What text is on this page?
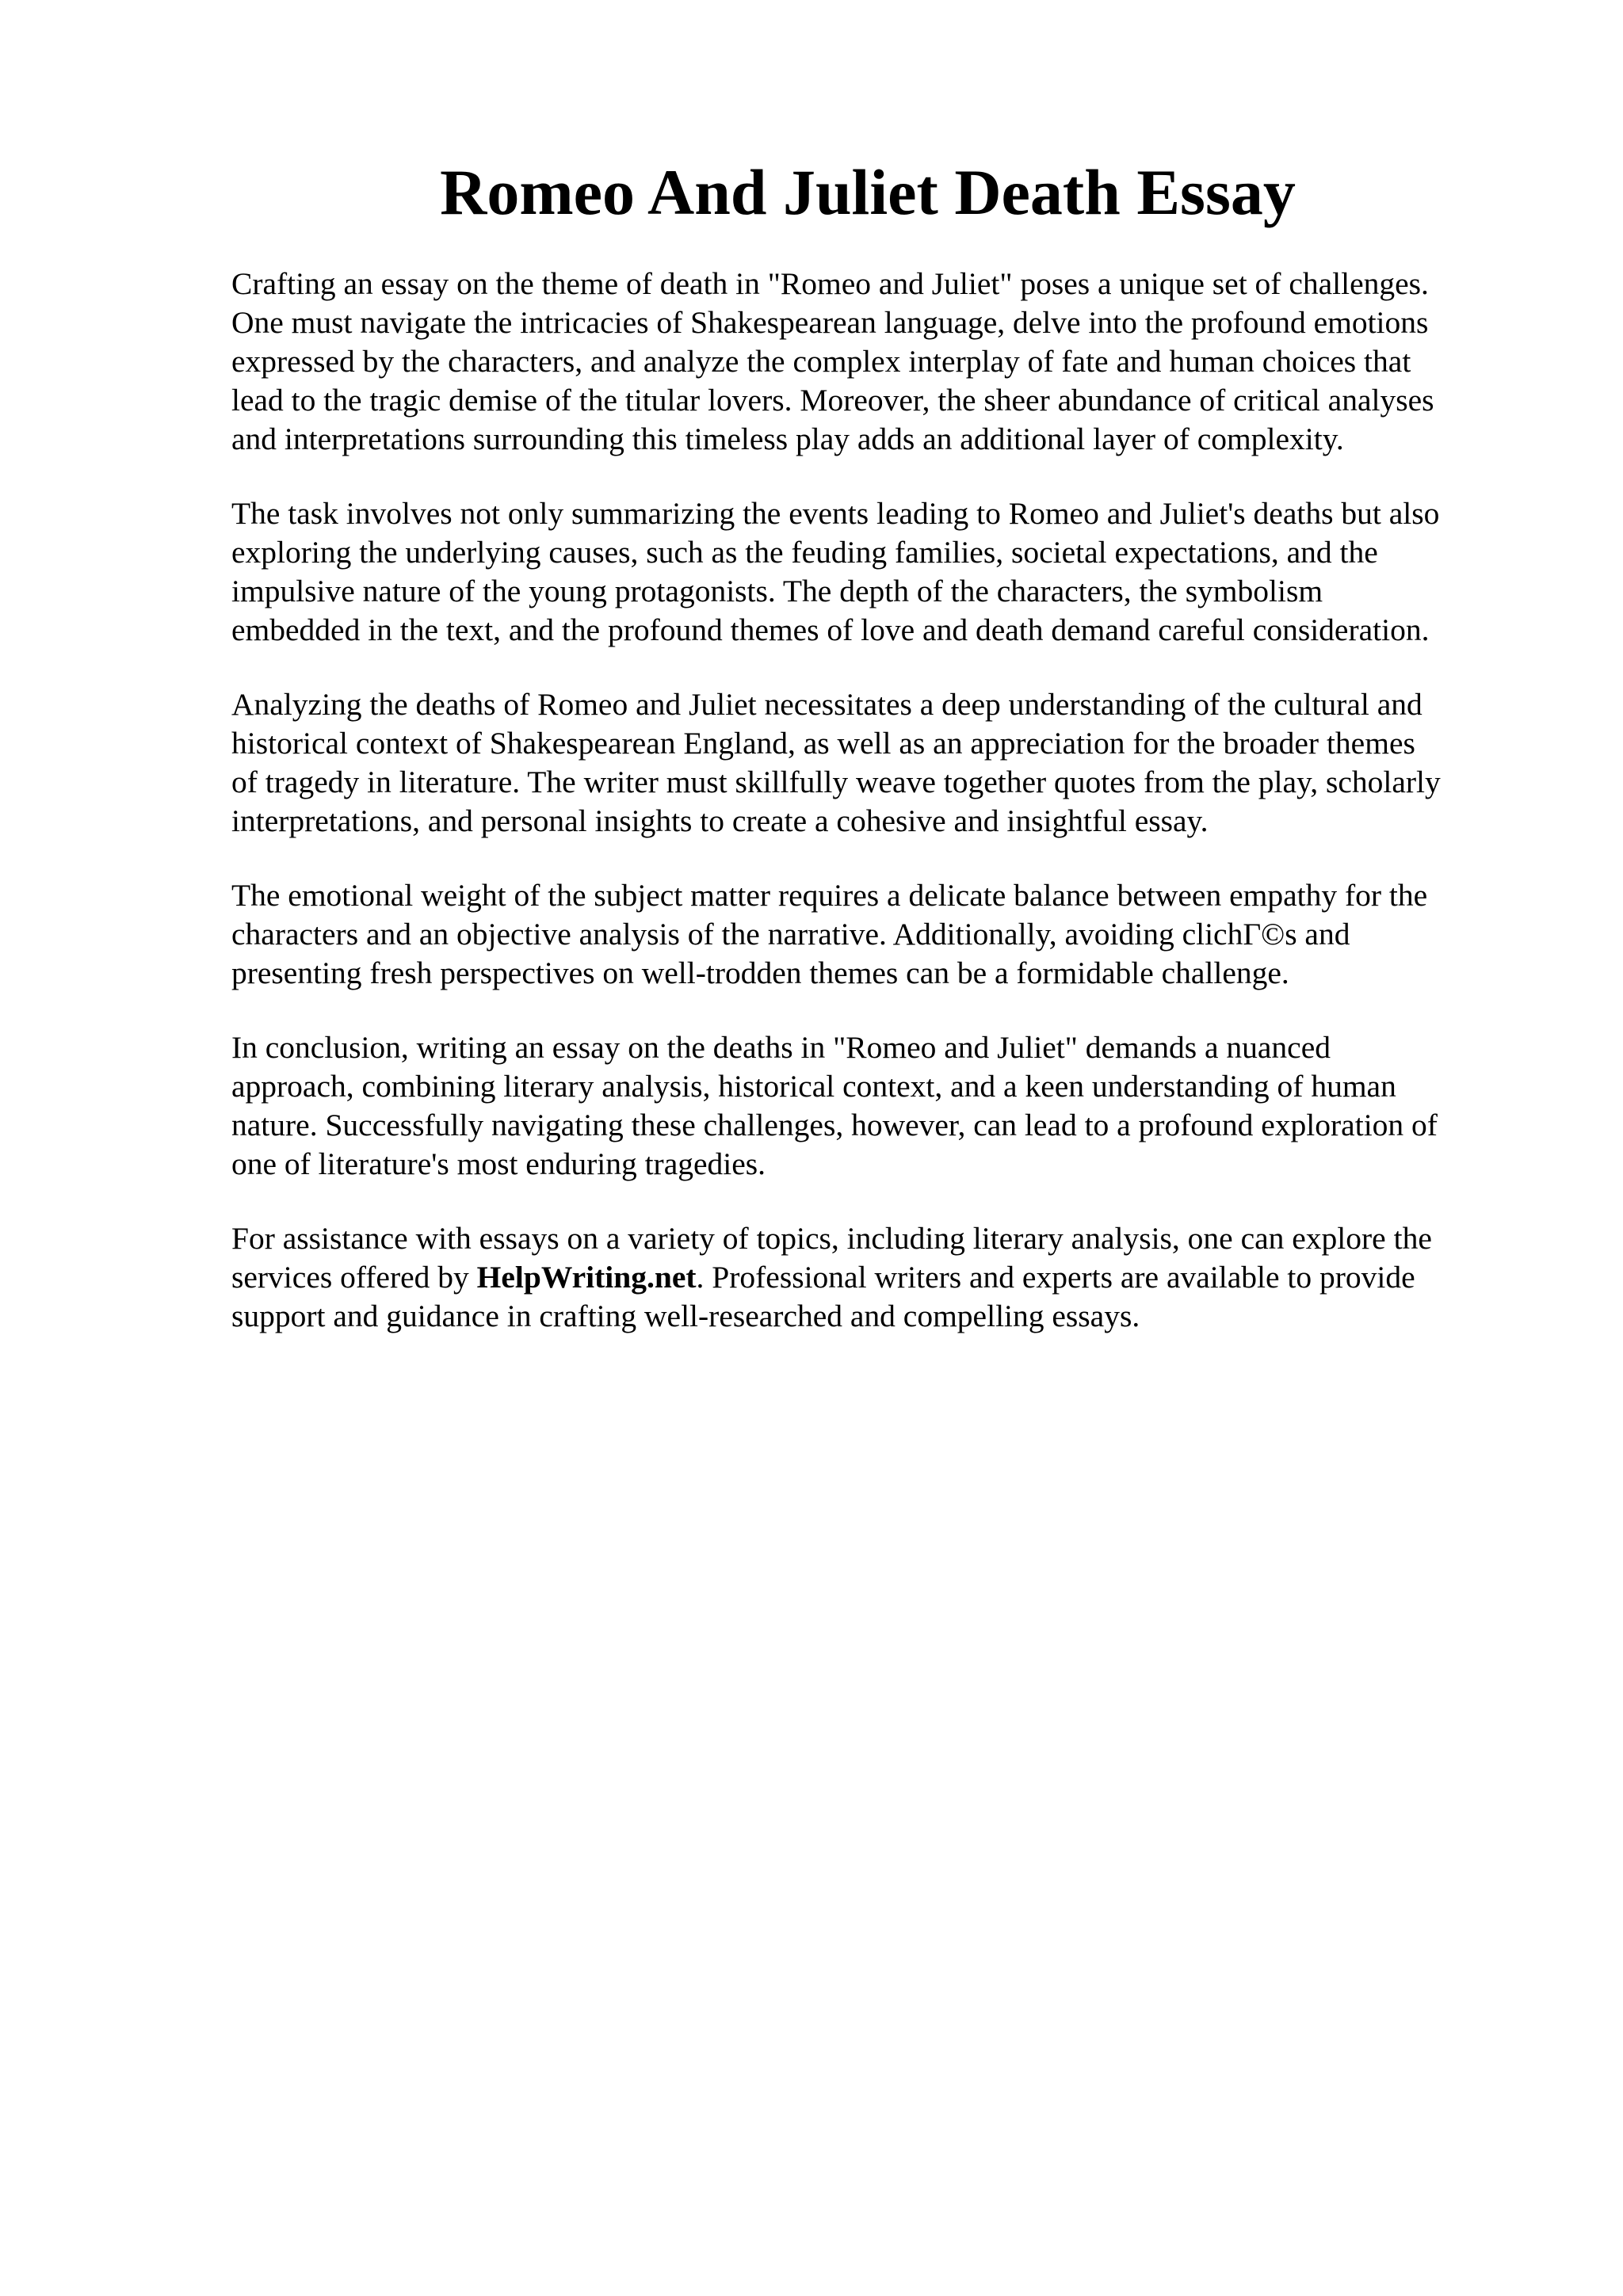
Romeo And Juliet Death Essay

Crafting an essay on the theme of death in "Romeo and Juliet" poses a unique set of challenges.
One must navigate the intricacies of Shakespearean language, delve into the profound emotions
expressed by the characters, and analyze the complex interplay of fate and human choices that
lead to the tragic demise of the titular lovers. Moreover, the sheer abundance of critical analyses
and interpretations surrounding this timeless play adds an additional layer of complexity.

The task involves not only summarizing the events leading to Romeo and Juliet's deaths but also
exploring the underlying causes, such as the feuding families, societal expectations, and the
impulsive nature of the young protagonists. The depth of the characters, the symbolism
embedded in the text, and the profound themes of love and death demand careful consideration.

Analyzing the deaths of Romeo and Juliet necessitates a deep understanding of the cultural and
historical context of Shakespearean England, as well as an appreciation for the broader themes
of tragedy in literature. The writer must skillfully weave together quotes from the play, scholarly
interpretations, and personal insights to create a cohesive and insightful essay.

The emotional weight of the subject matter requires a delicate balance between empathy for the
characters and an objective analysis of the narrative. Additionally, avoiding clichГ©s and
presenting fresh perspectives on well-trodden themes can be a formidable challenge.

In conclusion, writing an essay on the deaths in "Romeo and Juliet" demands a nuanced
approach, combining literary analysis, historical context, and a keen understanding of human
nature. Successfully navigating these challenges, however, can lead to a profound exploration of
one of literature's most enduring tragedies.

For assistance with essays on a variety of topics, including literary analysis, one can explore the
services offered by HelpWriting.net. Professional writers and experts are available to provide
support and guidance in crafting well-researched and compelling essays.
